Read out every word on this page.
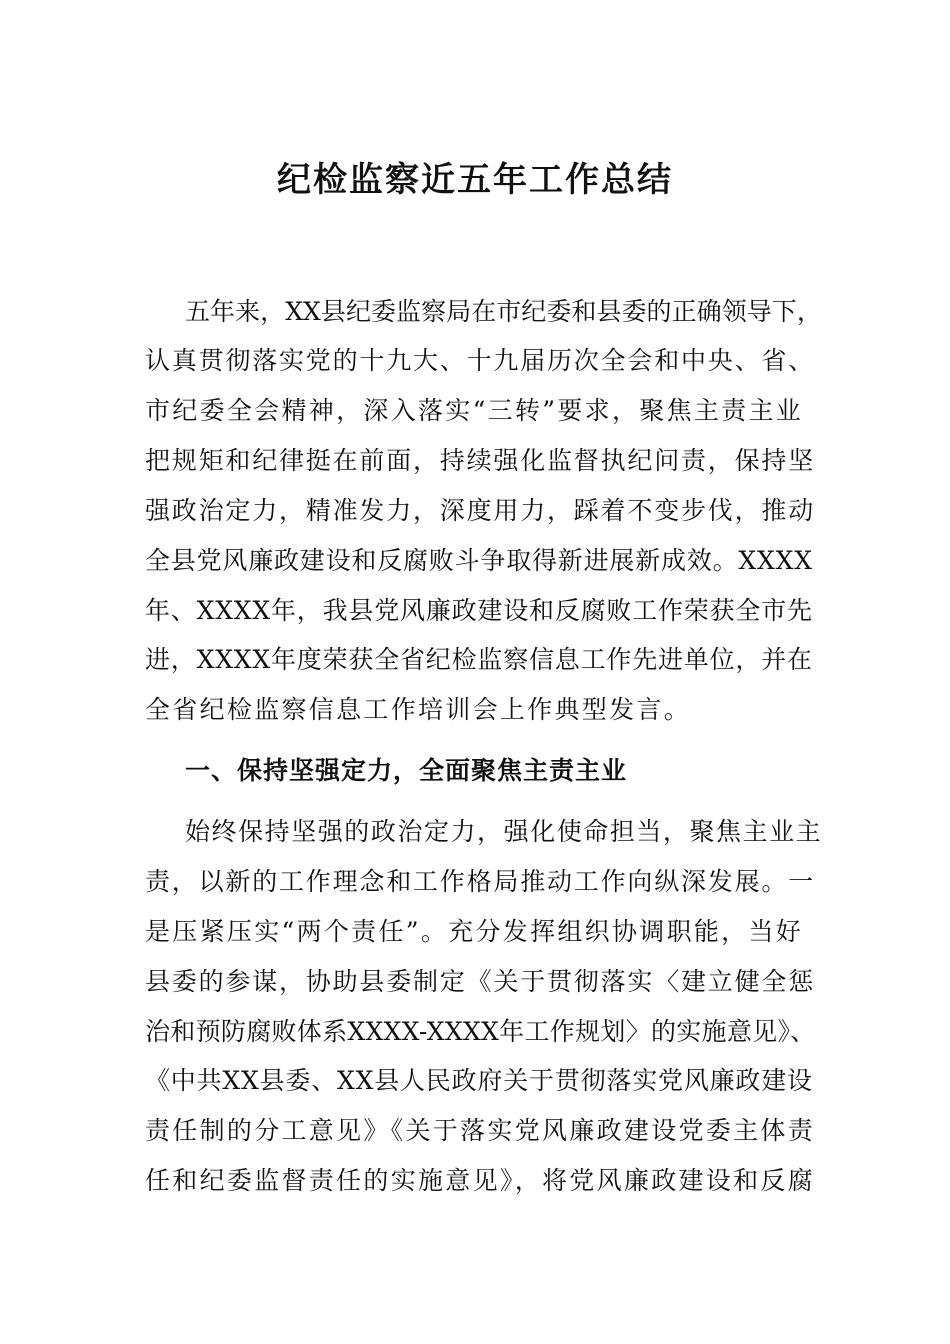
纪检监察近五年工作总结

五年来，XX县纪委监察局在市纪委和县委的正确领导下，

认真贯彻落实党的十九大、十九届历次全会和中央、省、

市纪委全会精神，深入落实“三转”要求，聚焦主责主业

把规矩和纪律挺在前面，持续强化监督执纪问责，保持坚

强政治定力，精准发力，深度用力，踩着不变步伐，推动

全县党风廉政建设和反腐败斗争取得新进展新成效。XXXX

年、XXXX年，我县党风廉政建设和反腐败工作荣获全市先

进，XXXX年度荣获全省纪检监察信息工作先进单位，并在

全省纪检监察信息工作培训会上作典型发言。

一、保持坚强定力，全面聚焦主责主业

始终保持坚强的政治定力，强化使命担当，聚焦主业主

责，以新的工作理念和工作格局推动工作向纵深发展。一

是压紧压实“两个责任”。充分发挥组织协调职能，当好

县委的参谋，协助县委制定《关于贯彻落实〈建立健全惩

治和预防腐败体系XXXX-XXXX年工作规划〉的实施意见》、

《中共XX县委、XX县人民政府关于贯彻落实党风廉政建设

责任制的分工意见》《关于落实党风廉政建设党委主体责

任和纪委监督责任的实施意见》，将党风廉政建设和反腐
